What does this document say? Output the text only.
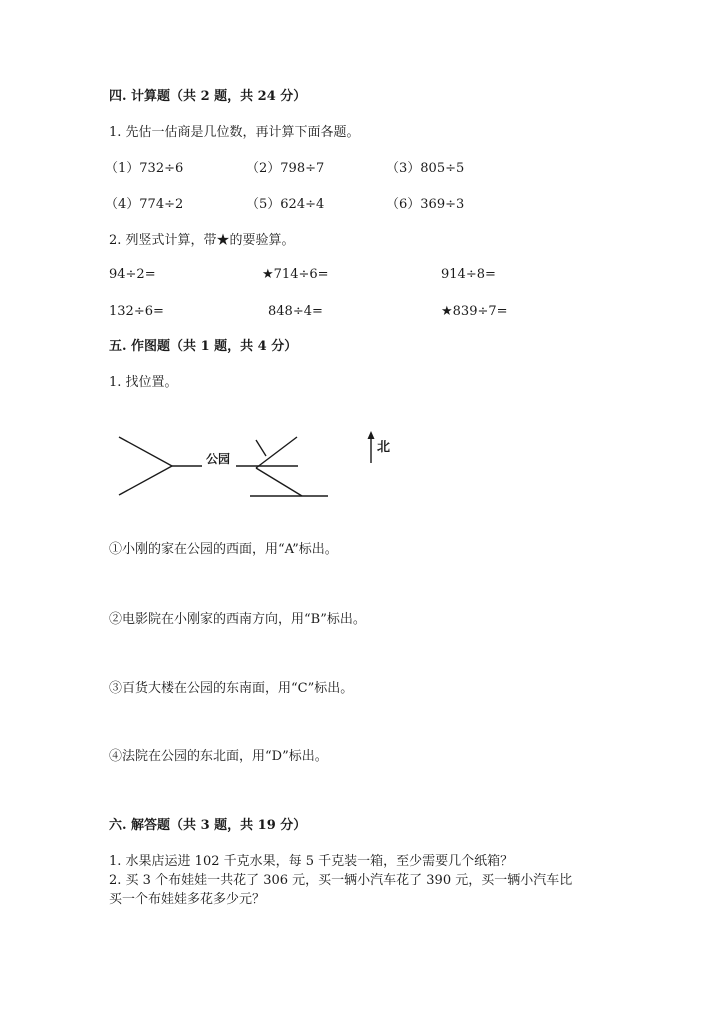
四. 计算题（共 2 题，共 24 分）
1. 先估一估商是几位数，再计算下面各题。
（1）732÷6	（2）798÷7	（3）805÷5
（4）774÷2	（5）624÷4	（6）369÷3
2. 列竖式计算，带★的要验算。
94÷2=	★714÷6=	914÷8=
132÷6=	848÷4=	★839÷7=
五. 作图题（共 1 题，共 4 分）
1. 找位置。
公园
北
①小刚的家在公园的西面，用“A”标出。
②电影院在小刚家的西南方向，用“B”标出。
③百货大楼在公园的东南面，用“C”标出。
④法院在公园的东北面，用“D”标出。
六. 解答题（共 3 题，共 19 分）
1. 水果店运进 102 千克水果，每 5 千克装一箱，至少需要几个纸箱？
2. 买 3 个布娃娃一共花了 306 元，买一辆小汽车花了 390 元，买一辆小汽车比
买一个布娃娃多花多少元？
